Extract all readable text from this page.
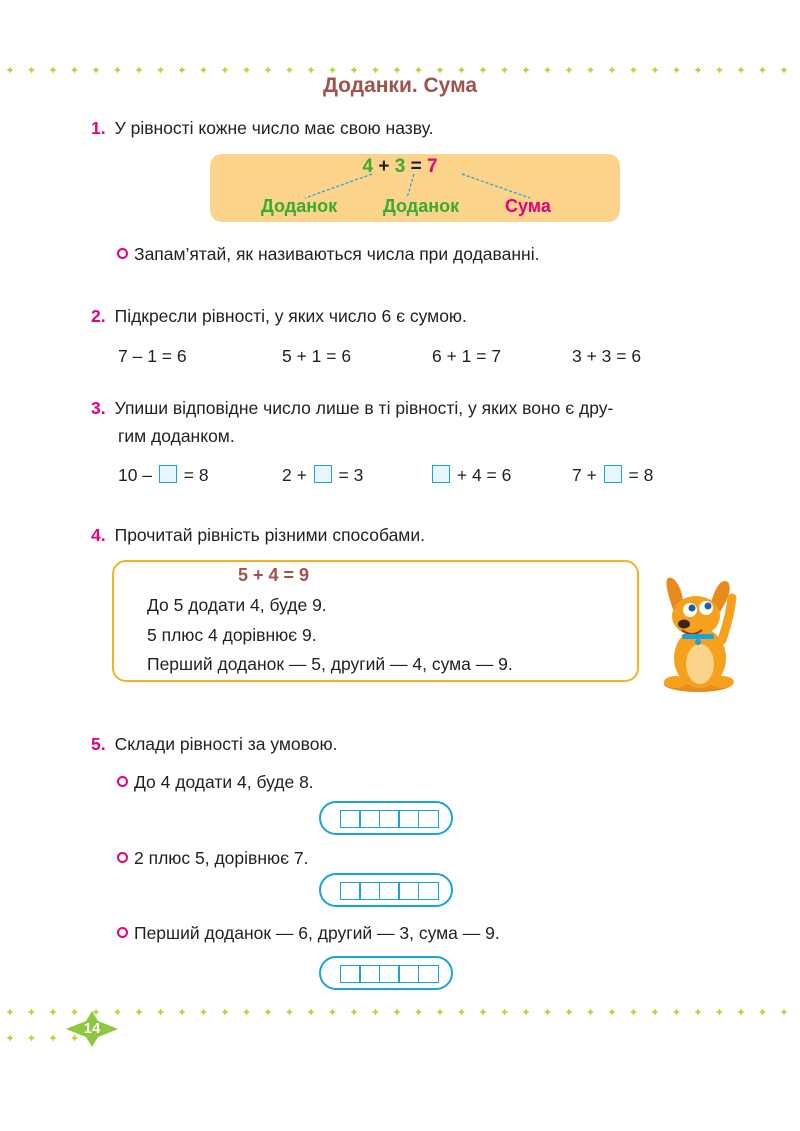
Доданки. Сума
1. У рівності кожне число має свою назву.
4 + 3 = 7
Доданок	Доданок	Сума
Запам’ятай, як називаються числа при додаванні.
2. Підкресли рівності, у яких число 6 є сумою.
7 – 1 = 6	5 + 1 = 6	6 + 1 = 7	3 + 3 = 6
3. Упиши відповідне число лише в ті рівності, у яких воно є дру-
гим доданком.
10 –  = 8	2 +  = 3	+ 4 = 6	7 +  = 8
4. Прочитай рівність різними способами.
5 + 4 = 9
До 5 додати 4, буде 9.
5 плюс 4 дорівнює 9.
Перший доданок — 5, другий — 4, сума — 9.
5. Склади рівності за умовою.
До 4 додати 4, буде 8.
2 плюс 5, дорівнює 7.
Перший доданок — 6, другий — 3, сума — 9.
14
